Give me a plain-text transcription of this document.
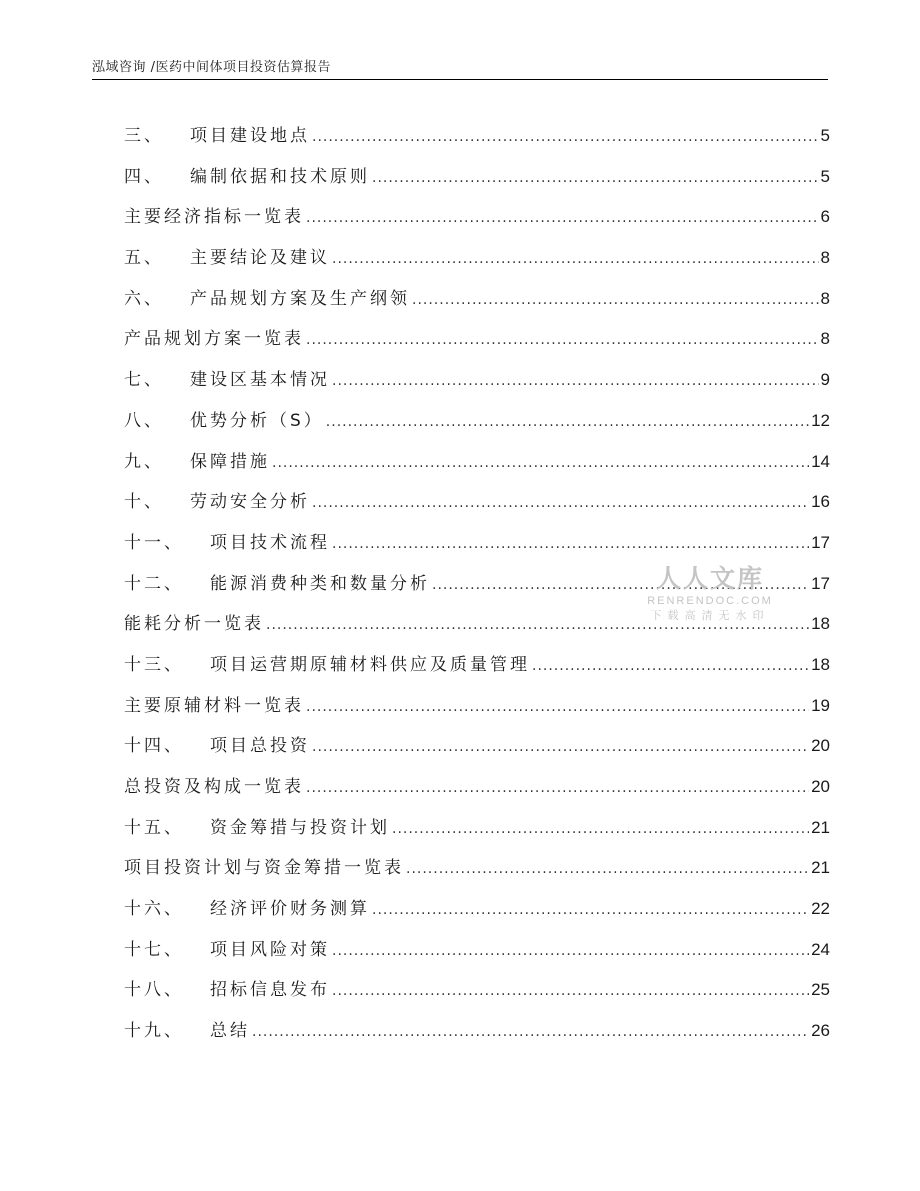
泓域咨询 /医药中间体项目投资估算报告
三、 项目建设地点 .....	5
四、 编制依据和技术原则 .....	5
主要经济指标一览表 .....	6
五、 主要结论及建议 .....	8
六、 产品规划方案及生产纲领 .....	8
产品规划方案一览表 .....	8
七、 建设区基本情况 .....	9
八、 优势分析（S） .....	12
九、 保障措施 .....	14
十、 劳动安全分析 .....	16
十一、 项目技术流程 .....	17
十二、 能源消费种类和数量分析 .....	17
能耗分析一览表 .....	18
十三、 项目运营期原辅材料供应及质量管理 .....	18
主要原辅材料一览表 .....	19
十四、 项目总投资 .....	20
总投资及构成一览表 .....	20
十五、 资金筹措与投资计划 .....	21
项目投资计划与资金筹措一览表 .....	21
十六、 经济评价财务测算 .....	22
十七、 项目风险对策 .....	24
十八、 招标信息发布 .....	25
十九、 总结 .....	26
人人文库
RENRENDOC.COM
下载高清无水印
